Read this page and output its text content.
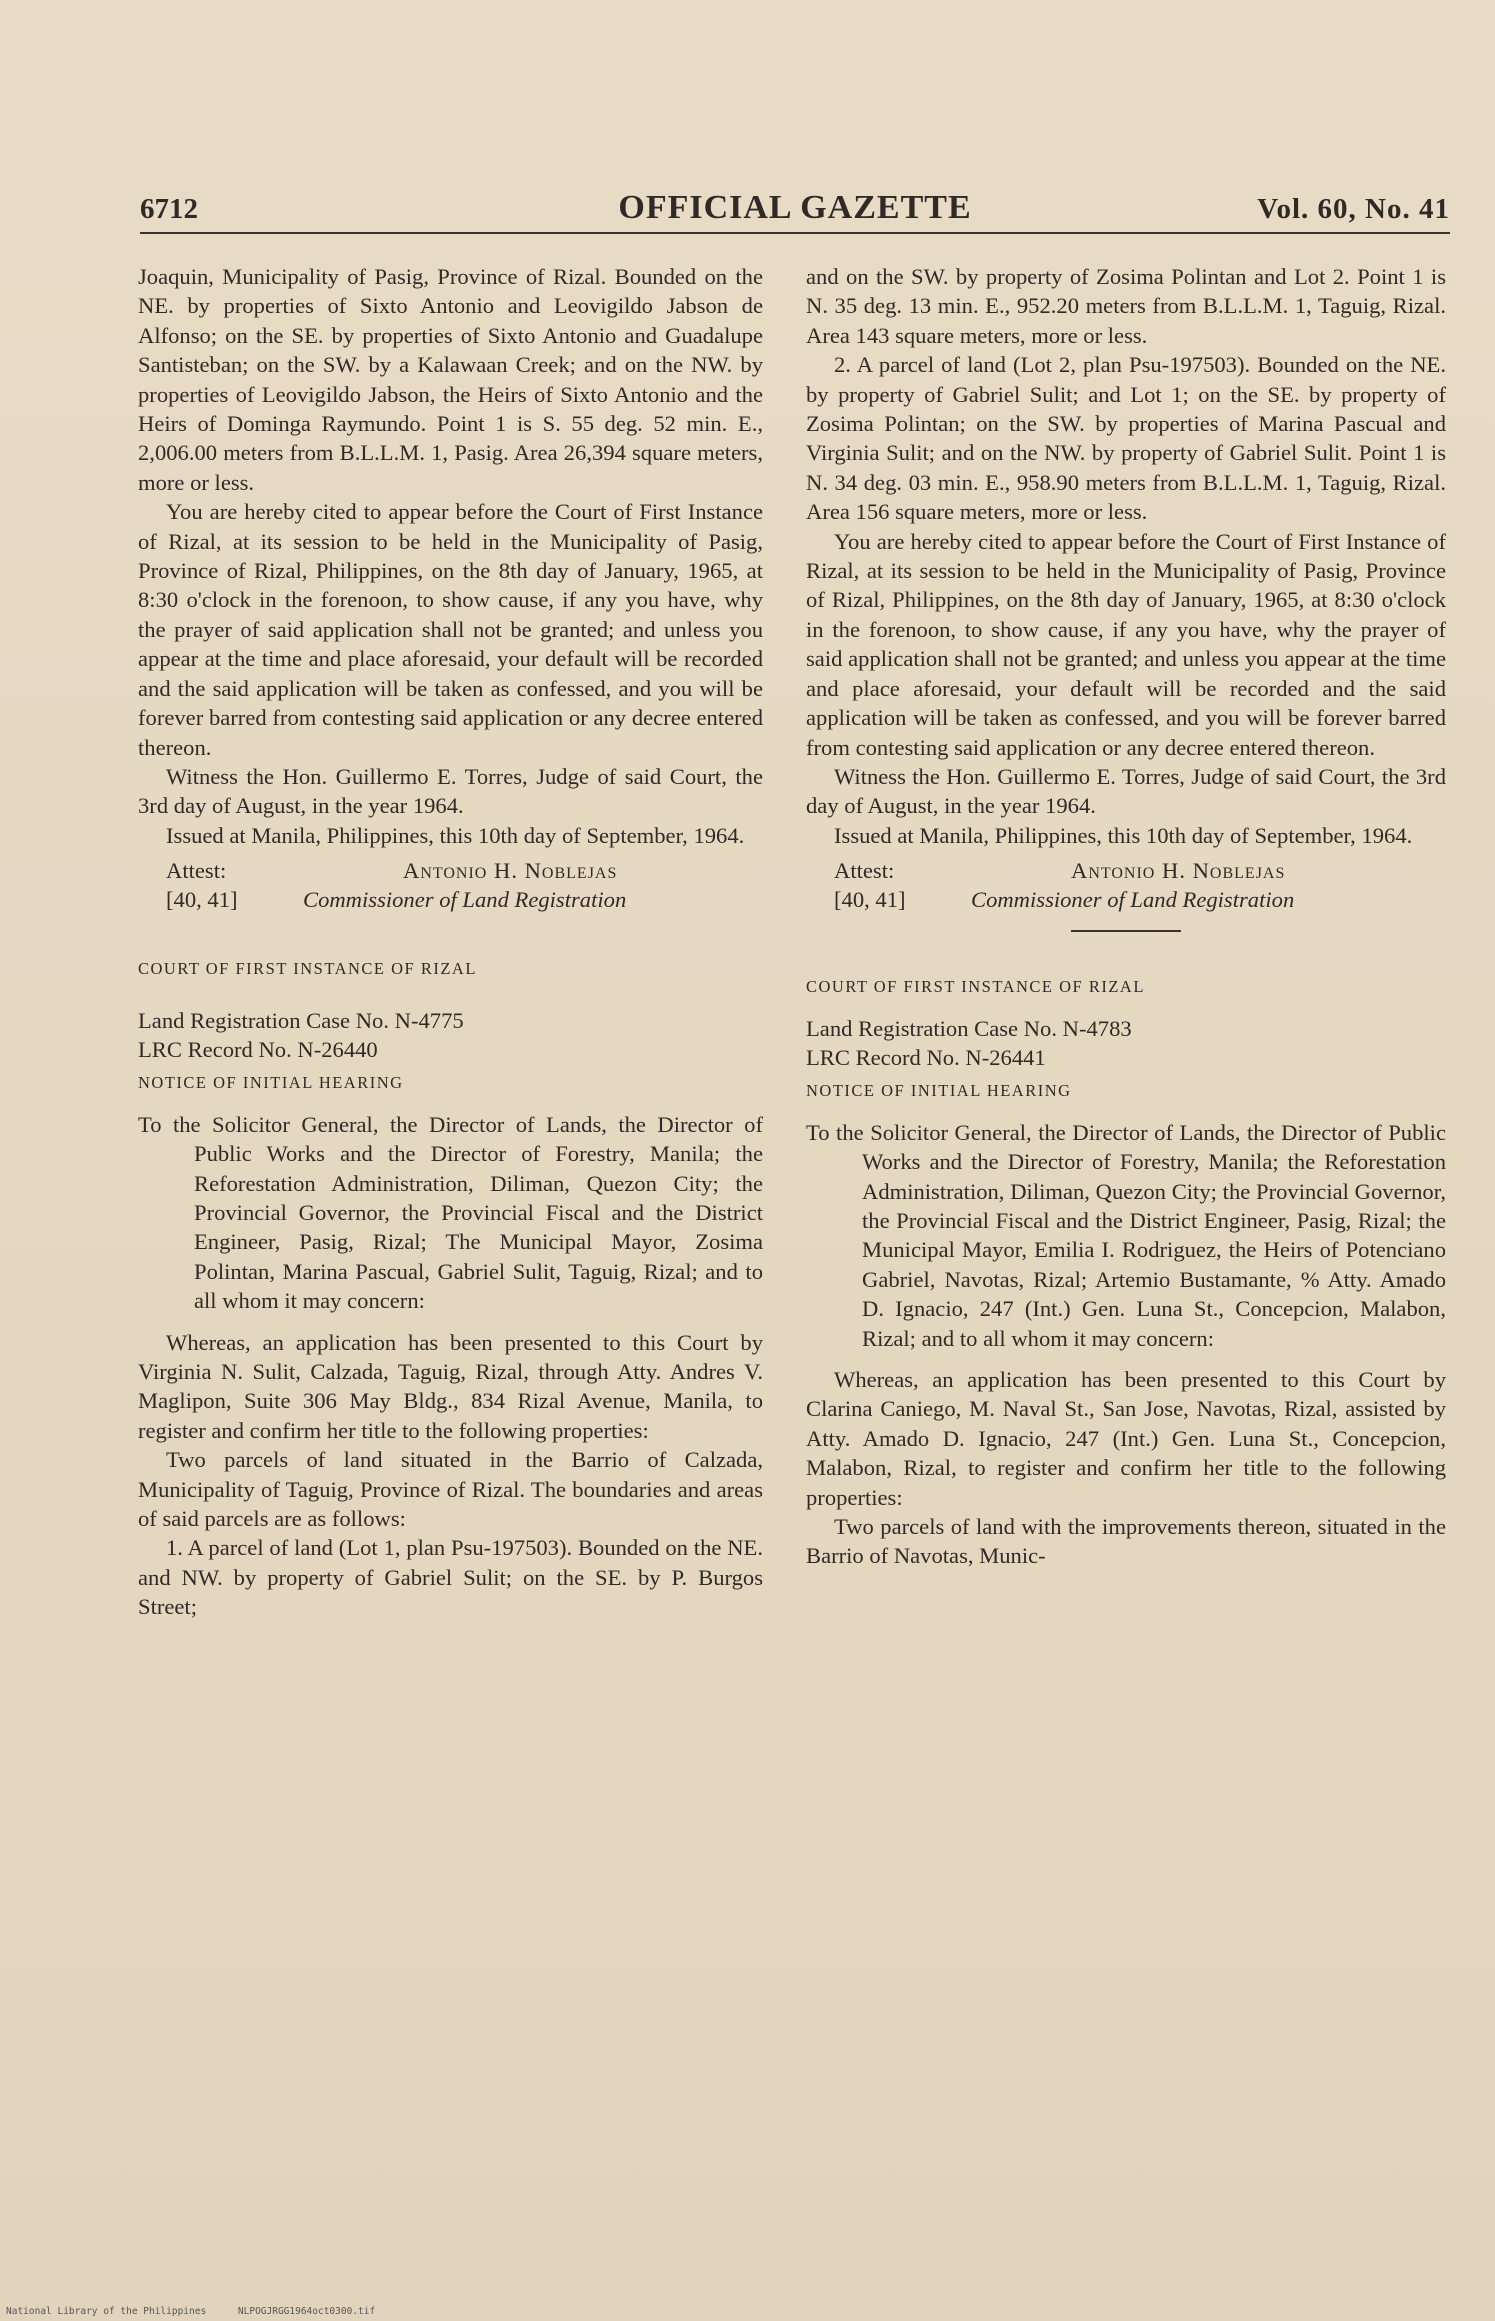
6712	OFFICIAL GAZETTE	Vol. 60, No. 41

Joaquin, Municipality of Pasig, Province of Rizal. Bounded on the NE. by properties of Sixto Antonio and Leovigildo Jabson de Alfonso; on the SE. by properties of Sixto Antonio and Guadalupe Santisteban; on the SW. by a Kalawaan Creek; and on the NW. by properties of Leovigildo Jabson, the Heirs of Sixto Antonio and the Heirs of Dominga Raymundo. Point 1 is S. 55 deg. 52 min. E., 2,006.00 meters from B.L.L.M. 1, Pasig. Area 26,394 square meters, more or less.

You are hereby cited to appear before the Court of First Instance of Rizal, at its session to be held in the Municipality of Pasig, Province of Rizal, Philippines, on the 8th day of January, 1965, at 8:30 o'clock in the forenoon, to show cause, if any you have, why the prayer of said application shall not be granted; and unless you appear at the time and place aforesaid, your default will be recorded and the said application will be taken as confessed, and you will be forever barred from contesting said application or any decree entered thereon.

Witness the Hon. Guillermo E. Torres, Judge of said Court, the 3rd day of August, in the year 1964.

Issued at Manila, Philippines, this 10th day of September, 1964.

Attest:	Antonio H. Noblejas
[40, 41]	Commissioner of Land Registration

COURT OF FIRST INSTANCE OF RIZAL

Land Registration Case No. N-4775

LRC Record No. N-26440

NOTICE OF INITIAL HEARING

To the Solicitor General, the Director of Lands, the Director of Public Works and the Director of Forestry, Manila; the Reforestation Administration, Diliman, Quezon City; the Provincial Governor, the Provincial Fiscal and the District Engineer, Pasig, Rizal; The Municipal Mayor, Zosima Polintan, Marina Pascual, Gabriel Sulit, Taguig, Rizal; and to all whom it may concern:

Whereas, an application has been presented to this Court by Virginia N. Sulit, Calzada, Taguig, Rizal, through Atty. Andres V. Maglipon, Suite 306 May Bldg., 834 Rizal Avenue, Manila, to register and confirm her title to the following properties:

Two parcels of land situated in the Barrio of Calzada, Municipality of Taguig, Province of Rizal. The boundaries and areas of said parcels are as follows:

1. A parcel of land (Lot 1, plan Psu-197503). Bounded on the NE. and NW. by property of Gabriel Sulit; on the SE. by P. Burgos Street;

and on the SW. by property of Zosima Polintan and Lot 2. Point 1 is N. 35 deg. 13 min. E., 952.20 meters from B.L.L.M. 1, Taguig, Rizal. Area 143 square meters, more or less.

2. A parcel of land (Lot 2, plan Psu-197503). Bounded on the NE. by property of Gabriel Sulit; and Lot 1; on the SE. by property of Zosima Polintan; on the SW. by properties of Marina Pascual and Virginia Sulit; and on the NW. by property of Gabriel Sulit. Point 1 is N. 34 deg. 03 min. E., 958.90 meters from B.L.L.M. 1, Taguig, Rizal. Area 156 square meters, more or less.

You are hereby cited to appear before the Court of First Instance of Rizal, at its session to be held in the Municipality of Pasig, Province of Rizal, Philippines, on the 8th day of January, 1965, at 8:30 o'clock in the forenoon, to show cause, if any you have, why the prayer of said application shall not be granted; and unless you appear at the time and place aforesaid, your default will be recorded and the said application will be taken as confessed, and you will be forever barred from contesting said application or any decree entered thereon.

Witness the Hon. Guillermo E. Torres, Judge of said Court, the 3rd day of August, in the year 1964.

Issued at Manila, Philippines, this 10th day of September, 1964.

Attest:	Antonio H. Noblejas
[40, 41]	Commissioner of Land Registration

COURT OF FIRST INSTANCE OF RIZAL

Land Registration Case No. N-4783

LRC Record No. N-26441

NOTICE OF INITIAL HEARING

To the Solicitor General, the Director of Lands, the Director of Public Works and the Director of Forestry, Manila; the Reforestation Administration, Diliman, Quezon City; the Provincial Governor, the Provincial Fiscal and the District Engineer, Pasig, Rizal; the Municipal Mayor, Emilia I. Rodriguez, the Heirs of Potenciano Gabriel, Navotas, Rizal; Artemio Bustamante, % Atty. Amado D. Ignacio, 247 (Int.) Gen. Luna St., Concepcion, Malabon, Rizal; and to all whom it may concern:

Whereas, an application has been presented to this Court by Clarina Caniego, M. Naval St., San Jose, Navotas, Rizal, assisted by Atty. Amado D. Ignacio, 247 (Int.) Gen. Luna St., Concepcion, Malabon, Rizal, to register and confirm her title to the following properties:

Two parcels of land with the improvements thereon, situated in the Barrio of Navotas, Munic-

National Library of the Philippines	NLPOGJRGG1964oct0300.tif
